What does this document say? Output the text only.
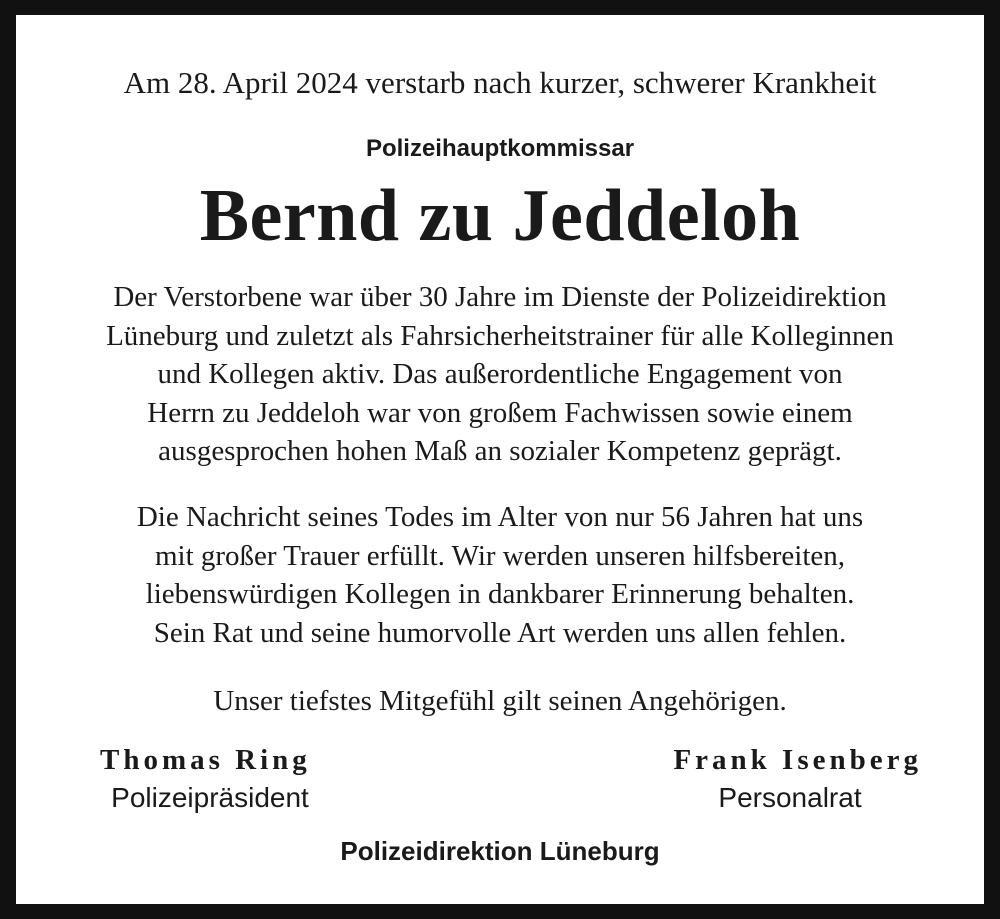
Am 28. April 2024 verstarb nach kurzer, schwerer Krankheit
Polizeihauptkommissar
Bernd zu Jeddeloh
Der Verstorbene war über 30 Jahre im Dienste der Polizeidirektion
Lüneburg und zuletzt als Fahrsicherheitstrainer für alle Kolleginnen
und Kollegen aktiv. Das außerordentliche Engagement von
Herrn zu Jeddeloh war von großem Fachwissen sowie einem
ausgesprochen hohen Maß an sozialer Kompetenz geprägt.
Die Nachricht seines Todes im Alter von nur 56 Jahren hat uns
mit großer Trauer erfüllt. Wir werden unseren hilfsbereiten,
liebenswürdigen Kollegen in dankbarer Erinnerung behalten.
Sein Rat und seine humorvolle Art werden uns allen fehlen.
Unser tiefstes Mitgefühl gilt seinen Angehörigen.
Thomas Ring
Polizeipräsident
Frank Isenberg
Personalrat
Polizeidirektion Lüneburg
